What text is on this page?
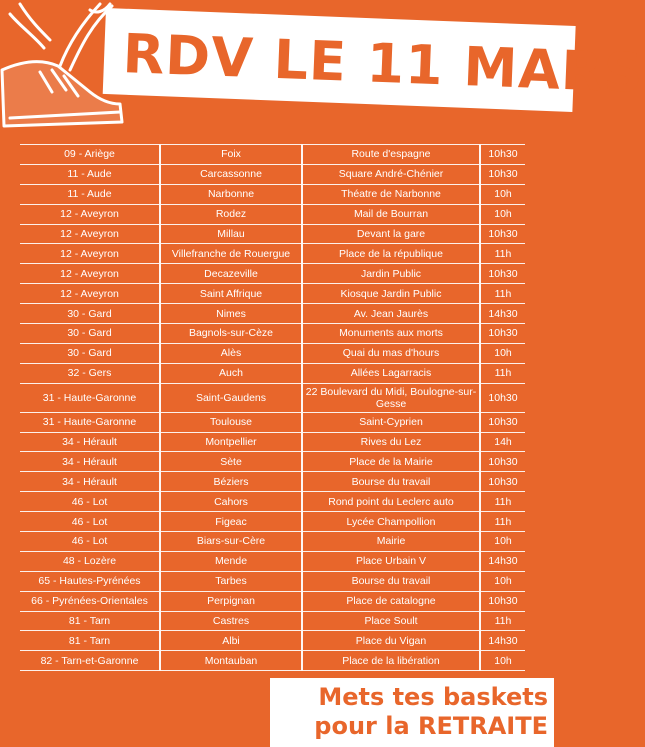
RDV LE 11 MARS
09 - Ariège	Foix	Route d'espagne	10h30
11 - Aude	Carcassonne	Square André-Chénier	10h30
11 - Aude	Narbonne	Théatre de Narbonne	10h
12 - Aveyron	Rodez	Mail de Bourran	10h
12 - Aveyron	Millau	Devant la gare	10h30
12 - Aveyron	Villefranche de Rouergue	Place de la république	11h
12 - Aveyron	Decazeville	Jardin Public	10h30
12 - Aveyron	Saint Affrique	Kiosque Jardin Public	11h
30 - Gard	Nimes	Av. Jean Jaurès	14h30
30 - Gard	Bagnols-sur-Cèze	Monuments aux morts	10h30
30 - Gard	Alès	Quai du mas d'hours	10h
32 - Gers	Auch	Allées Lagarracis	11h
31 - Haute-Garonne	Saint-Gaudens	22 Boulevard du Midi, Boulogne-sur-Gesse	10h30
31 - Haute-Garonne	Toulouse	Saint-Cyprien	10h30
34 - Hérault	Montpellier	Rives du Lez	14h
34 - Hérault	Sète	Place de la Mairie	10h30
34 - Hérault	Béziers	Bourse du travail	10h30
46 - Lot	Cahors	Rond point du Leclerc auto	11h
46 - Lot	Figeac	Lycée Champollion	11h
46 - Lot	Biars-sur-Cère	Mairie	10h
48 - Lozère	Mende	Place Urbain V	14h30
65 - Hautes-Pyrénées	Tarbes	Bourse du travail	10h
66 - Pyrénées-Orientales	Perpignan	Place de catalogne	10h30
81 - Tarn	Castres	Place Soult	11h
81 - Tarn	Albi	Place du Vigan	14h30
82 - Tarn-et-Garonne	Montauban	Place de la libération	10h
Mets tes baskets
pour la RETRAITE
